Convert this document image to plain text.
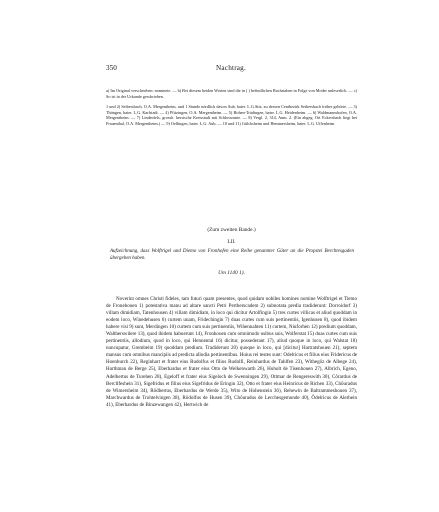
350	Nachtrag.

a) Im Original verschrieben: nomineie. — b) Bei diesem beiden Worten sind die in ( ) befindlichen Buchstaben in Folge von Moder unleserlich. — c) So ist in der Urkunde geschrieben.

1 und 2) Seibersbach, O.A. Mergentheim, und 1 Stunde nördlich davon Aub, baier. L.G.Sitz, zu dessen Centbezirk Seibersbach früher gehörte. — 3) Thüngen, baier. L.G. Karlstadt. — 4) Pfitzingen, O.A. Mergentheim. — 5) Hohen-Trüdingen, baier. L.G. Heidenheim. — 6) Waldmannshofen, O.A. Mergentheim. — 7) Lindenfels, grossh. hessische Kreisstadt mit Schlossruine. — 8) Vergl. 2, 314, Anm. 2. (Ein abgeg. Ort Eckersbach liegt bei Frauenthal, O.A. Mergentheim.) — 9) Oellingen, baier. L.G. Aub. — 10 und 11) Gülchsheim und Hemmersheim, baier. L.G. Uffenheim.

(Zum zweiten Bande.)
LII.
Aufzeichnung, dass Wolftrigel und Diemo von Fronhofen eine Reihe genannter Güter an die Propstei Berchtesgaden übergeben haben.
Um 1140 1).

Noverint omnes Christi fideles, tam futuri quam presentes, quod quidam nobiles homines nomine Wolftrigel et Tiemo de Fronehouen 1) potestativa manu ad altare sancti Petri Pertherscadem 2) subnotata predia tradiderunt: Dorroidorf 3) villam dimidiam, Tatenhousen 4) villam dimidiam, in loco qui dicitur Artolfingin 5) tres curtes villicas et aliud quoddam in eodem loco, Winedehusen 6) curtem unam, Fridechingin 7) duas curtes cum suis pertinentiis, Igenhusen 8), quod ibidem habere visi 9) sunt, Merdingen 10) curtem cum suis pertinentiis, Wihennahten 11) curtem, Niuforhen 12) predium quoddam, Waltherswilere 13), quod ibidem habuerunt 14), Fronhouen cum omnimodo usibus suis, Wolferstat 15) duas curtes cum suis pertinentiis, allodium, quod in loco, qui Hennental 16) dicitur, possederant 17), aliud quoque in loco, qui Walstat 18) nuncupatur, Grembeim 19) quoddam predium. Tradiderunt 20) quoque in loco, qui [dicitur] Hartratshouen 21), septem mansus cum omnibus mancipiis ad predicta allodia pertinentibus. Huius rei testes sunt: Odelricus et filius eius Fridericus de Hoenburch 22), Reginhart et frater eius Rudolfus et filius Rudolfi, Reinhardus de Tahlfen 23), Withegôz de Albege 24), Harthman de Berge 25), Eberhardus et frater eius Otto de Welkenwarth 26), Hoholt de Tisenhouen 27), Albrich, Egeno, Adelbertus de Turehen 28), Egeloff et frater eius Sigeloch de Swenningen 29), Ottmar de Rengereswith 30), Côrardus de Bercllfeshein 31), Sigefridus et filius eius Sigefridus de Eringin 32), Otto et frater eius Heinricus de Richen 33), Chôuradus de Wimersheim 34), Rôdbertus, Eberhardus de Werde 35), Wito de Hohenstein 36), Rehewin de Baltrammeshouen 37), Marchwardus de Trohtelvingen 38), Rôdolfus de Husen 39), Chôuradus de Lecchesgemunde 40), Ôdelricus de Alerhein 41), Eberhardus de Binzewangen 42), Hertwich de
